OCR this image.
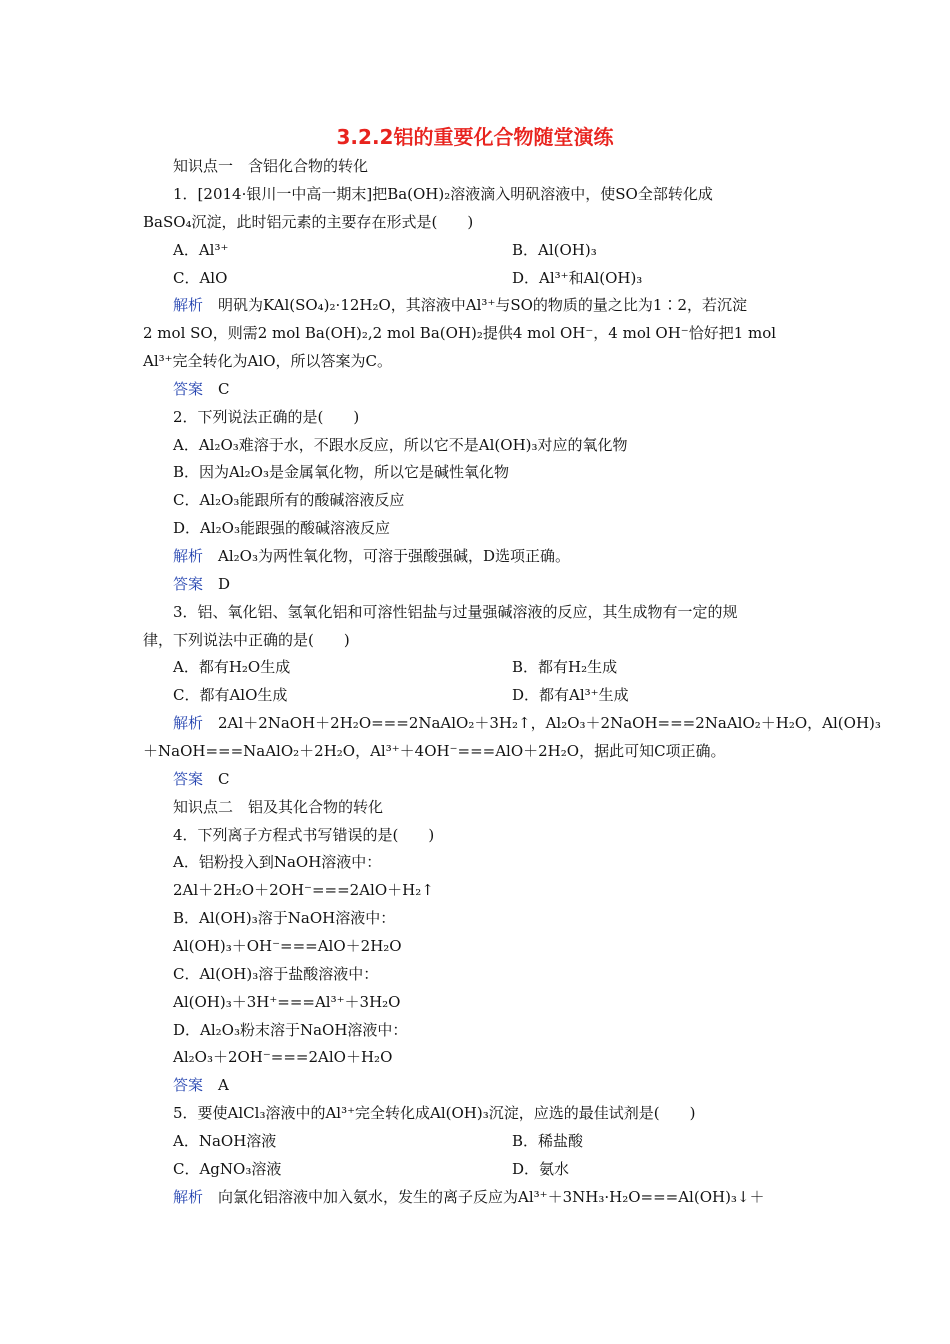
3.2.2铝的重要化合物随堂演练
知识点一　含铝化合物的转化
1．[2014·银川一中高一期末]把Ba(OH)₂溶液滴入明矾溶液中，使SO全部转化成
BaSO₄沉淀，此时铝元素的主要存在形式是(　　)
A．Al³⁺	B．Al(OH)₃
C．AlO	D．Al³⁺和Al(OH)₃
解析　明矾为KAl(SO₄)₂·12H₂O，其溶液中Al³⁺与SO的物质的量之比为1∶2，若沉淀
2 mol SO，则需2 mol Ba(OH)₂,2 mol Ba(OH)₂提供4 mol OH⁻，4 mol OH⁻恰好把1 mol
Al³⁺完全转化为AlO，所以答案为C。
答案　C
2．下列说法正确的是(　　)
A．Al₂O₃难溶于水，不跟水反应，所以它不是Al(OH)₃对应的氧化物
B．因为Al₂O₃是金属氧化物，所以它是碱性氧化物
C．Al₂O₃能跟所有的酸碱溶液反应
D．Al₂O₃能跟强的酸碱溶液反应
解析　Al₂O₃为两性氧化物，可溶于强酸强碱，D选项正确。
答案　D
3．铝、氧化铝、氢氧化铝和可溶性铝盐与过量强碱溶液的反应，其生成物有一定的规
律，下列说法中正确的是(　　)
A．都有H₂O生成	B．都有H₂生成
C．都有AlO生成	D．都有Al³⁺生成
解析　2Al＋2NaOH＋2H₂O===2NaAlO₂＋3H₂↑，Al₂O₃＋2NaOH===2NaAlO₂＋H₂O，Al(OH)₃
＋NaOH===NaAlO₂＋2H₂O，Al³⁺＋4OH⁻===AlO＋2H₂O，据此可知C项正确。
答案　C
知识点二　铝及其化合物的转化
4．下列离子方程式书写错误的是(　　)
A．铝粉投入到NaOH溶液中：
2Al＋2H₂O＋2OH⁻===2AlO＋H₂↑
B．Al(OH)₃溶于NaOH溶液中：
Al(OH)₃＋OH⁻===AlO＋2H₂O
C．Al(OH)₃溶于盐酸溶液中：
Al(OH)₃＋3H⁺===Al³⁺＋3H₂O
D．Al₂O₃粉末溶于NaOH溶液中：
Al₂O₃＋2OH⁻===2AlO＋H₂O
答案　A
5．要使AlCl₃溶液中的Al³⁺完全转化成Al(OH)₃沉淀，应选的最佳试剂是(　　)
A．NaOH溶液	B．稀盐酸
C．AgNO₃溶液	D．氨水
解析　向氯化铝溶液中加入氨水，发生的离子反应为Al³⁺＋3NH₃·H₂O===Al(OH)₃↓＋
